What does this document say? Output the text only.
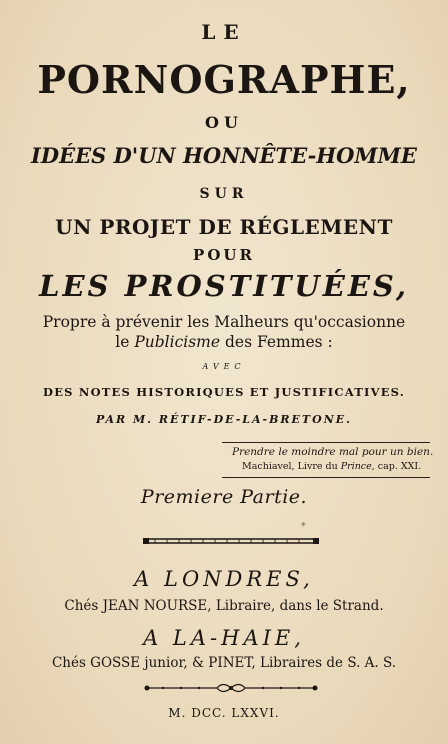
LE

PORNOGRAPHE,

OU

IDÉES D'UN HONNÊTE-HOMME

SUR

UN PROJET DE RÉGLEMENT

POUR

LES PROSTITUÉES,

Propre à prévenir les Malheurs qu'occasionne

le Publicisme des Femmes :

AVEC

DES NOTES HISTORIQUES ET JUSTIFICATIVES.

PAR M. RÉTIF-DE-LA-BRETONE.

Prendre le moindre mal pour un bien.
Machiavel, Livre du Prince, cap. XXI.

Premiere Partie.

*

A LONDRES,

Chés JEAN NOURSE, Libraire, dans le Strand.

A LA-HAIE,

Chés GOSSE junior, & PINET, Libraires de S. A. S.

M. DCC. LXXVI.
